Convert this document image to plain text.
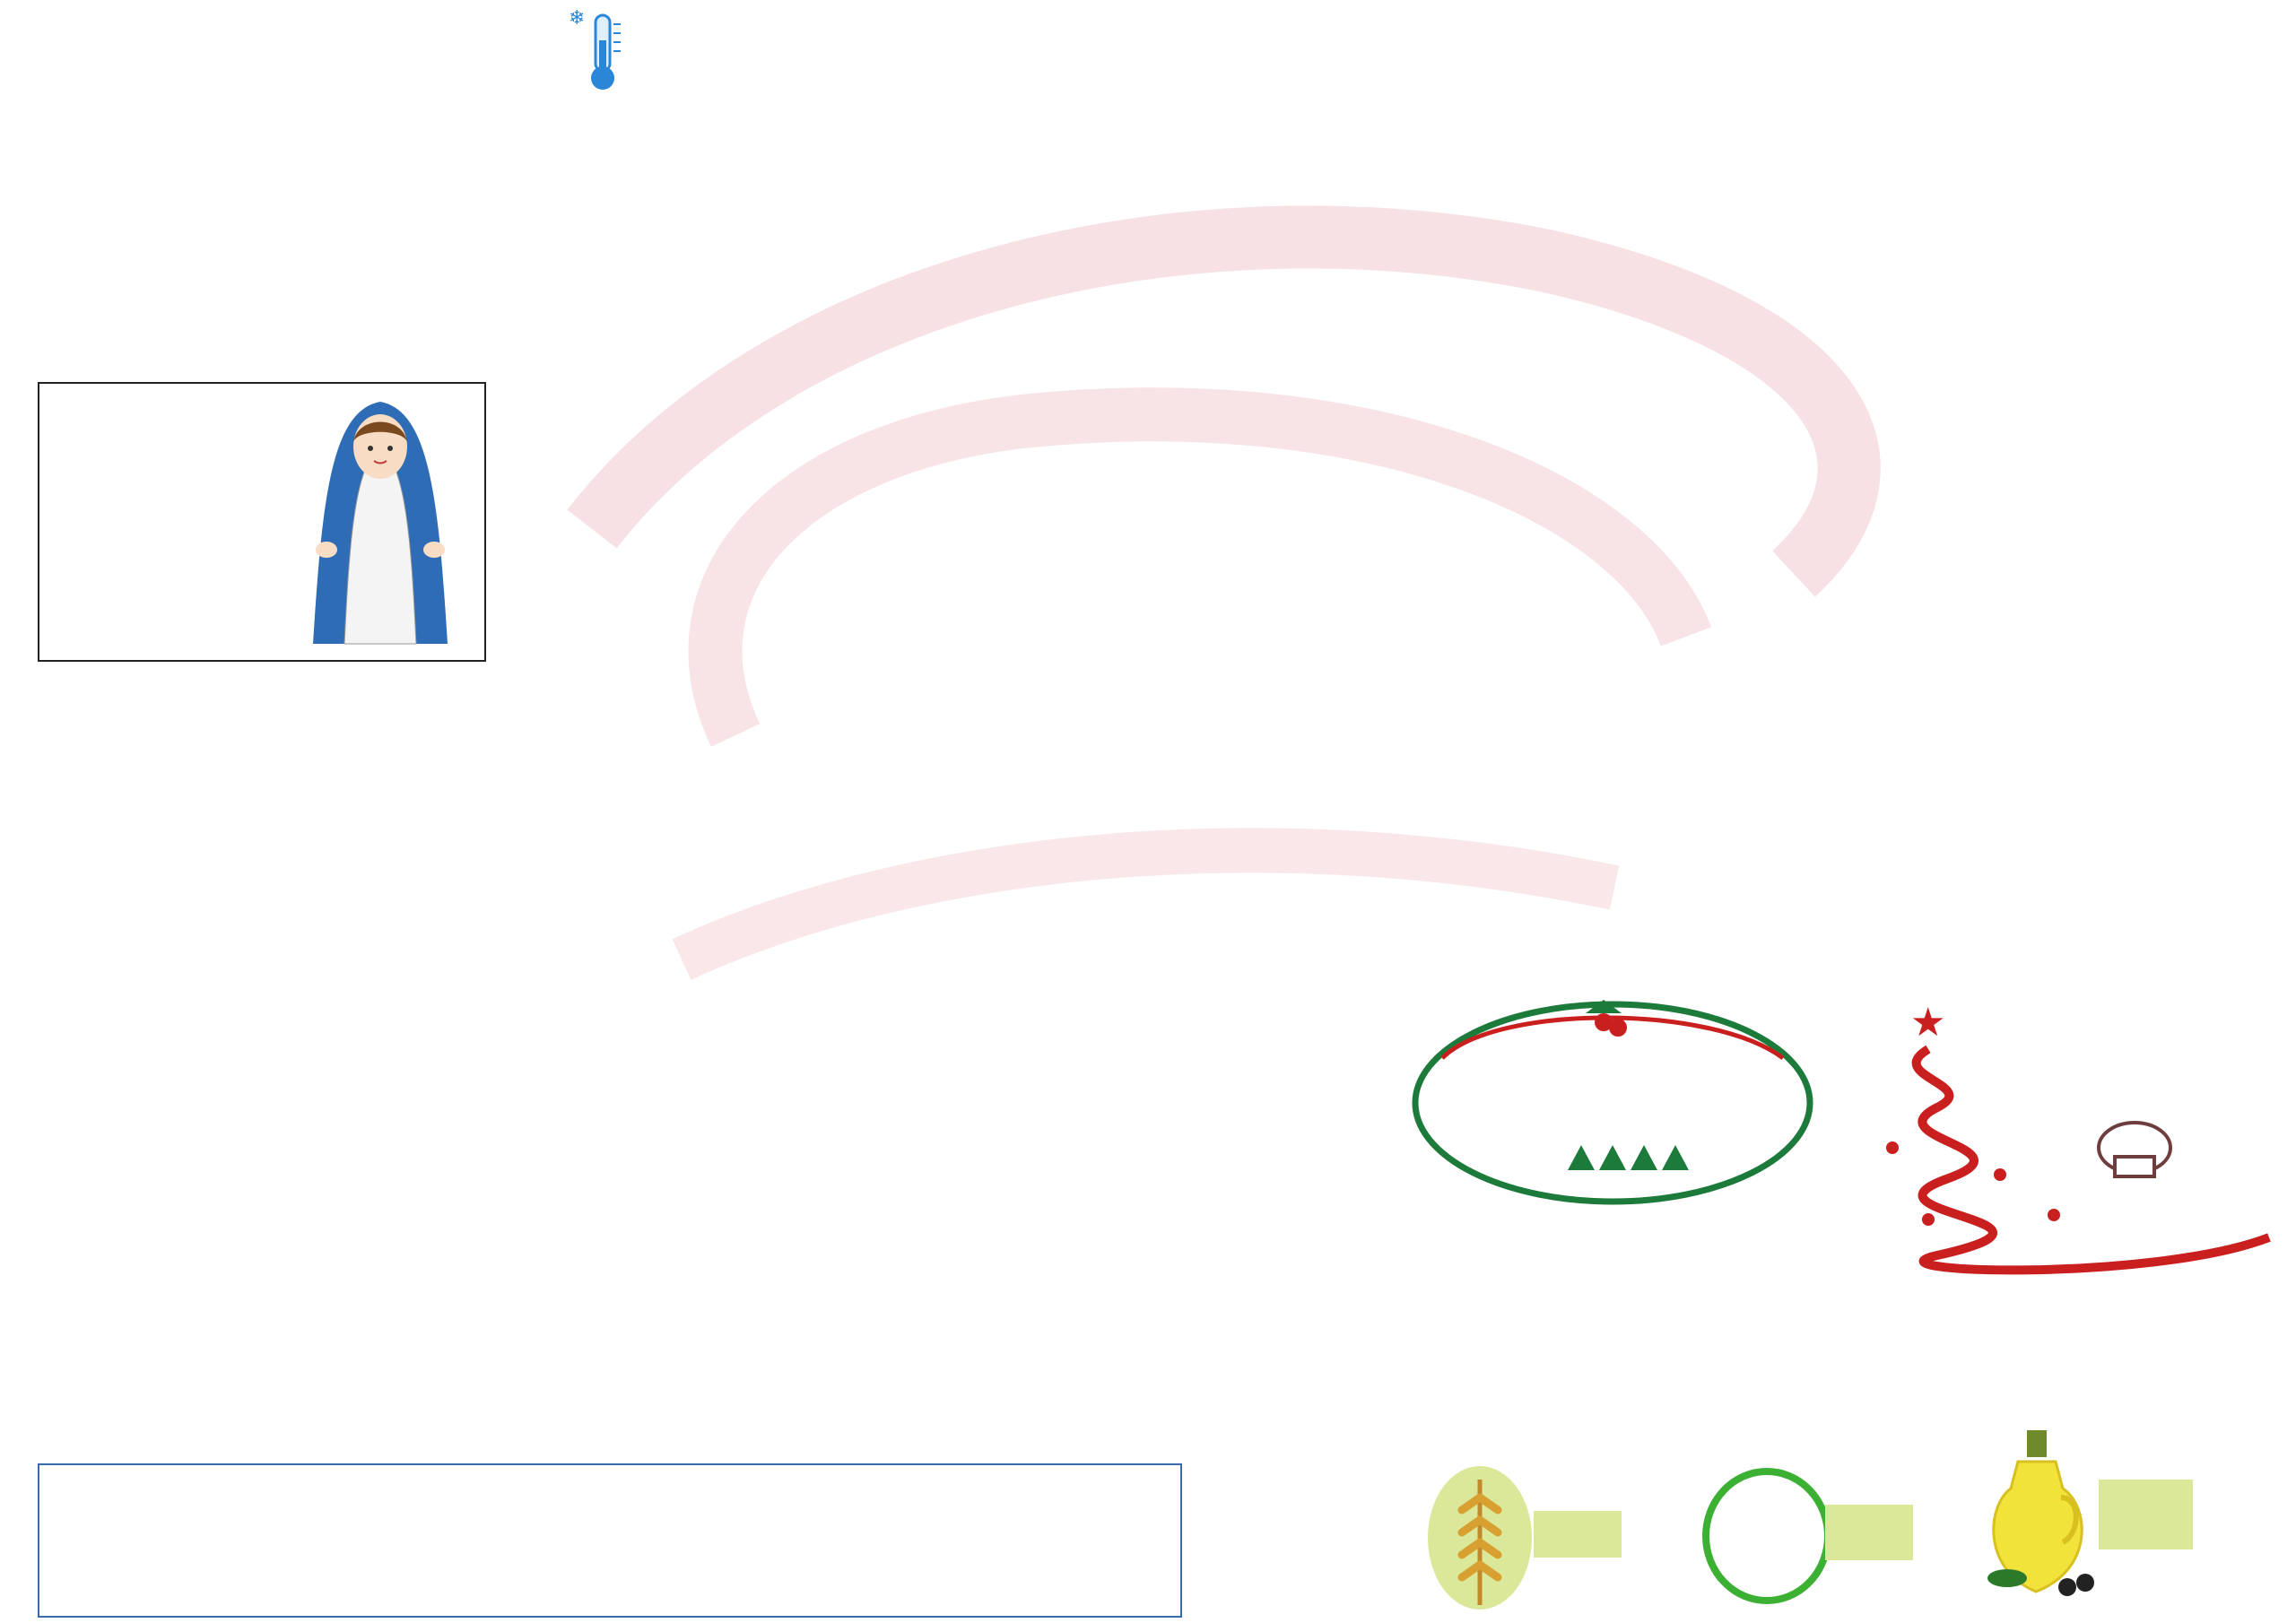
❄
★
